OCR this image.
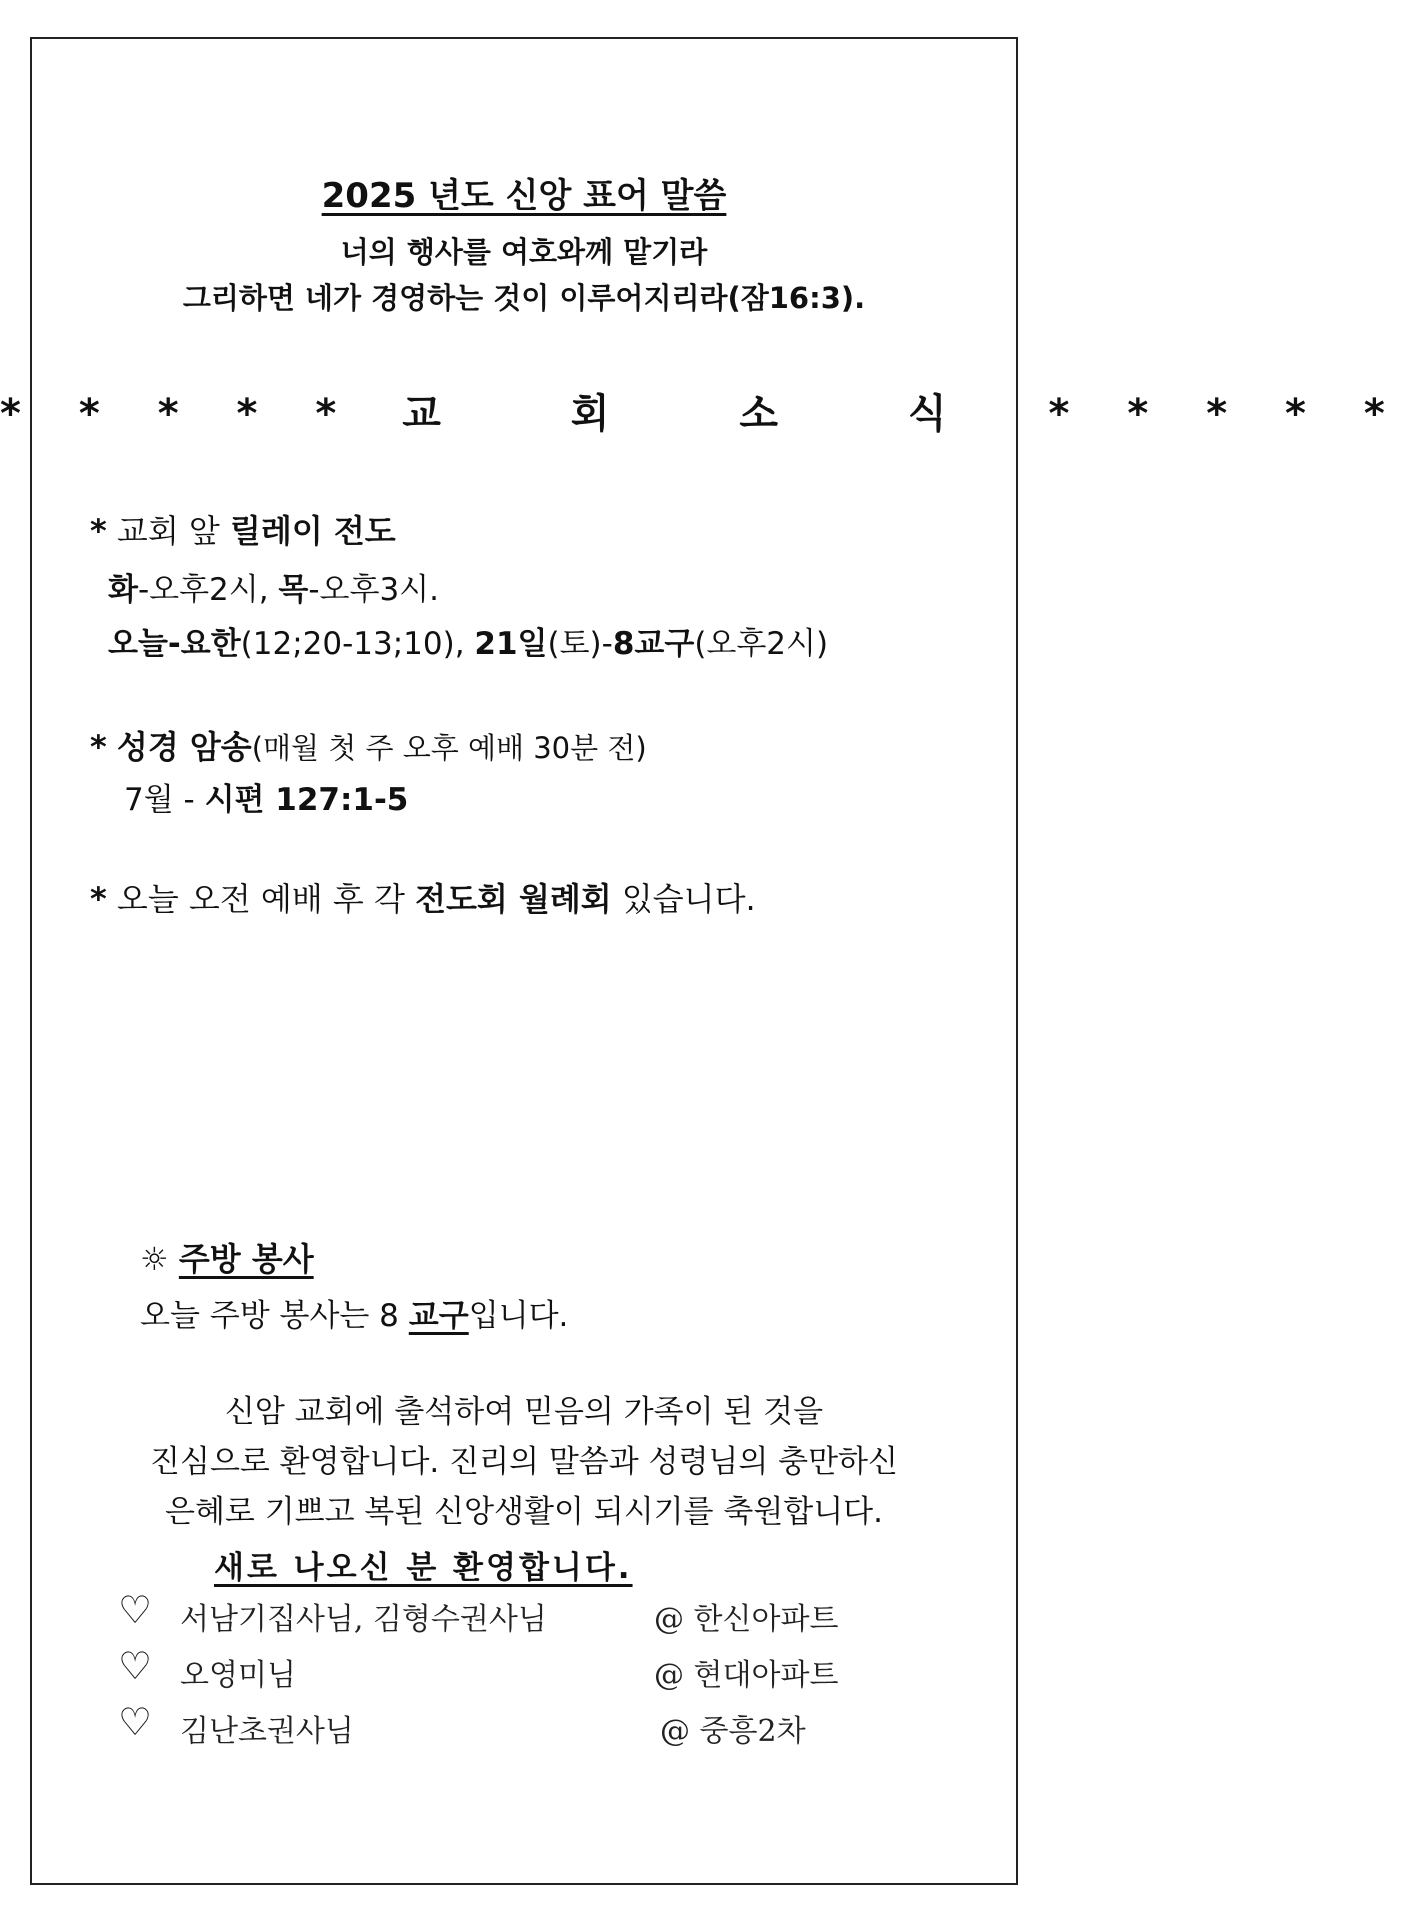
2025 년도 신앙 표어 말씀
너의 행사를 여호와께 맡기라
그리하면 네가 경영하는 것이 이루어지리라(잠16:3).
* * * * * 교 회 소 식 * * * * *
* 교회 앞 릴레이 전도
화-오후2시, 목-오후3시.
오늘-요한(12;20-13;10), 21일(토)-8교구(오후2시)
* 성경 암송(매월 첫 주 오후 예배 30분 전)
7월 - 시편 127:1-5
* 오늘 오전 예배 후 각 전도회 월례회 있습니다.
☼ 주방 봉사
오늘 주방 봉사는 8 교구입니다.
신암 교회에 출석하여 믿음의 가족이 된 것을
진심으로 환영합니다. 진리의 말씀과 성령님의 충만하신
은혜로 기쁘고 복된 신앙생활이 되시기를 축원합니다.
새로 나오신 분 환영합니다.
♡ 서남기집사님, 김형수권사님	@ 한신아파트
♡ 오영미님	@ 현대아파트
♡ 김난초권사님	@ 중흥2차
